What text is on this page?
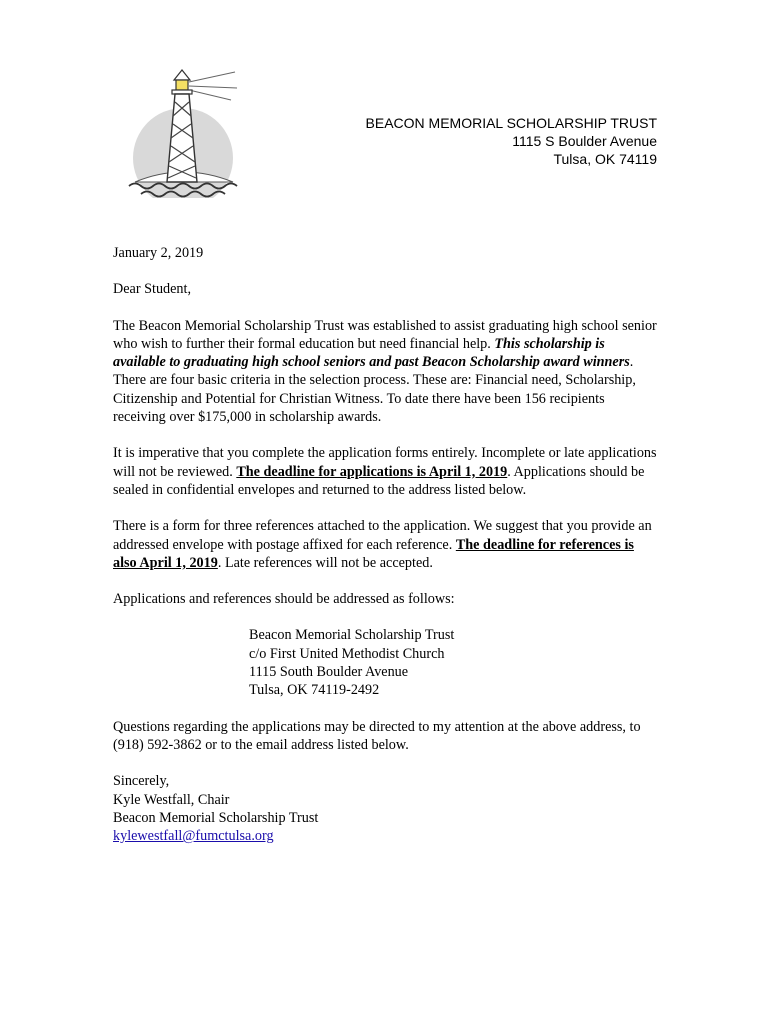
BEACON MEMORIAL SCHOLARSHIP TRUST
1115 S Boulder Avenue
Tulsa, OK 74119

January 2, 2019

Dear Student,

The Beacon Memorial Scholarship Trust was established to assist graduating high school senior who wish to further their formal education but need financial help. This scholarship is available to graduating high school seniors and past Beacon Scholarship award winners. There are four basic criteria in the selection process. These are: Financial need, Scholarship, Citizenship and Potential for Christian Witness. To date there have been 156 recipients receiving over $175,000 in scholarship awards.

It is imperative that you complete the application forms entirely. Incomplete or late applications will not be reviewed. The deadline for applications is April 1, 2019. Applications should be sealed in confidential envelopes and returned to the address listed below.

There is a form for three references attached to the application. We suggest that you provide an addressed envelope with postage affixed for each reference. The deadline for references is also April 1, 2019. Late references will not be accepted.

Applications and references should be addressed as follows:

Beacon Memorial Scholarship Trust
c/o First United Methodist Church
1115 South Boulder Avenue
Tulsa, OK 74119-2492

Questions regarding the applications may be directed to my attention at the above address, to (918) 592-3862 or to the email address listed below.

Sincerely,
Kyle Westfall, Chair
Beacon Memorial Scholarship Trust
kylewestfall@fumctulsa.org
